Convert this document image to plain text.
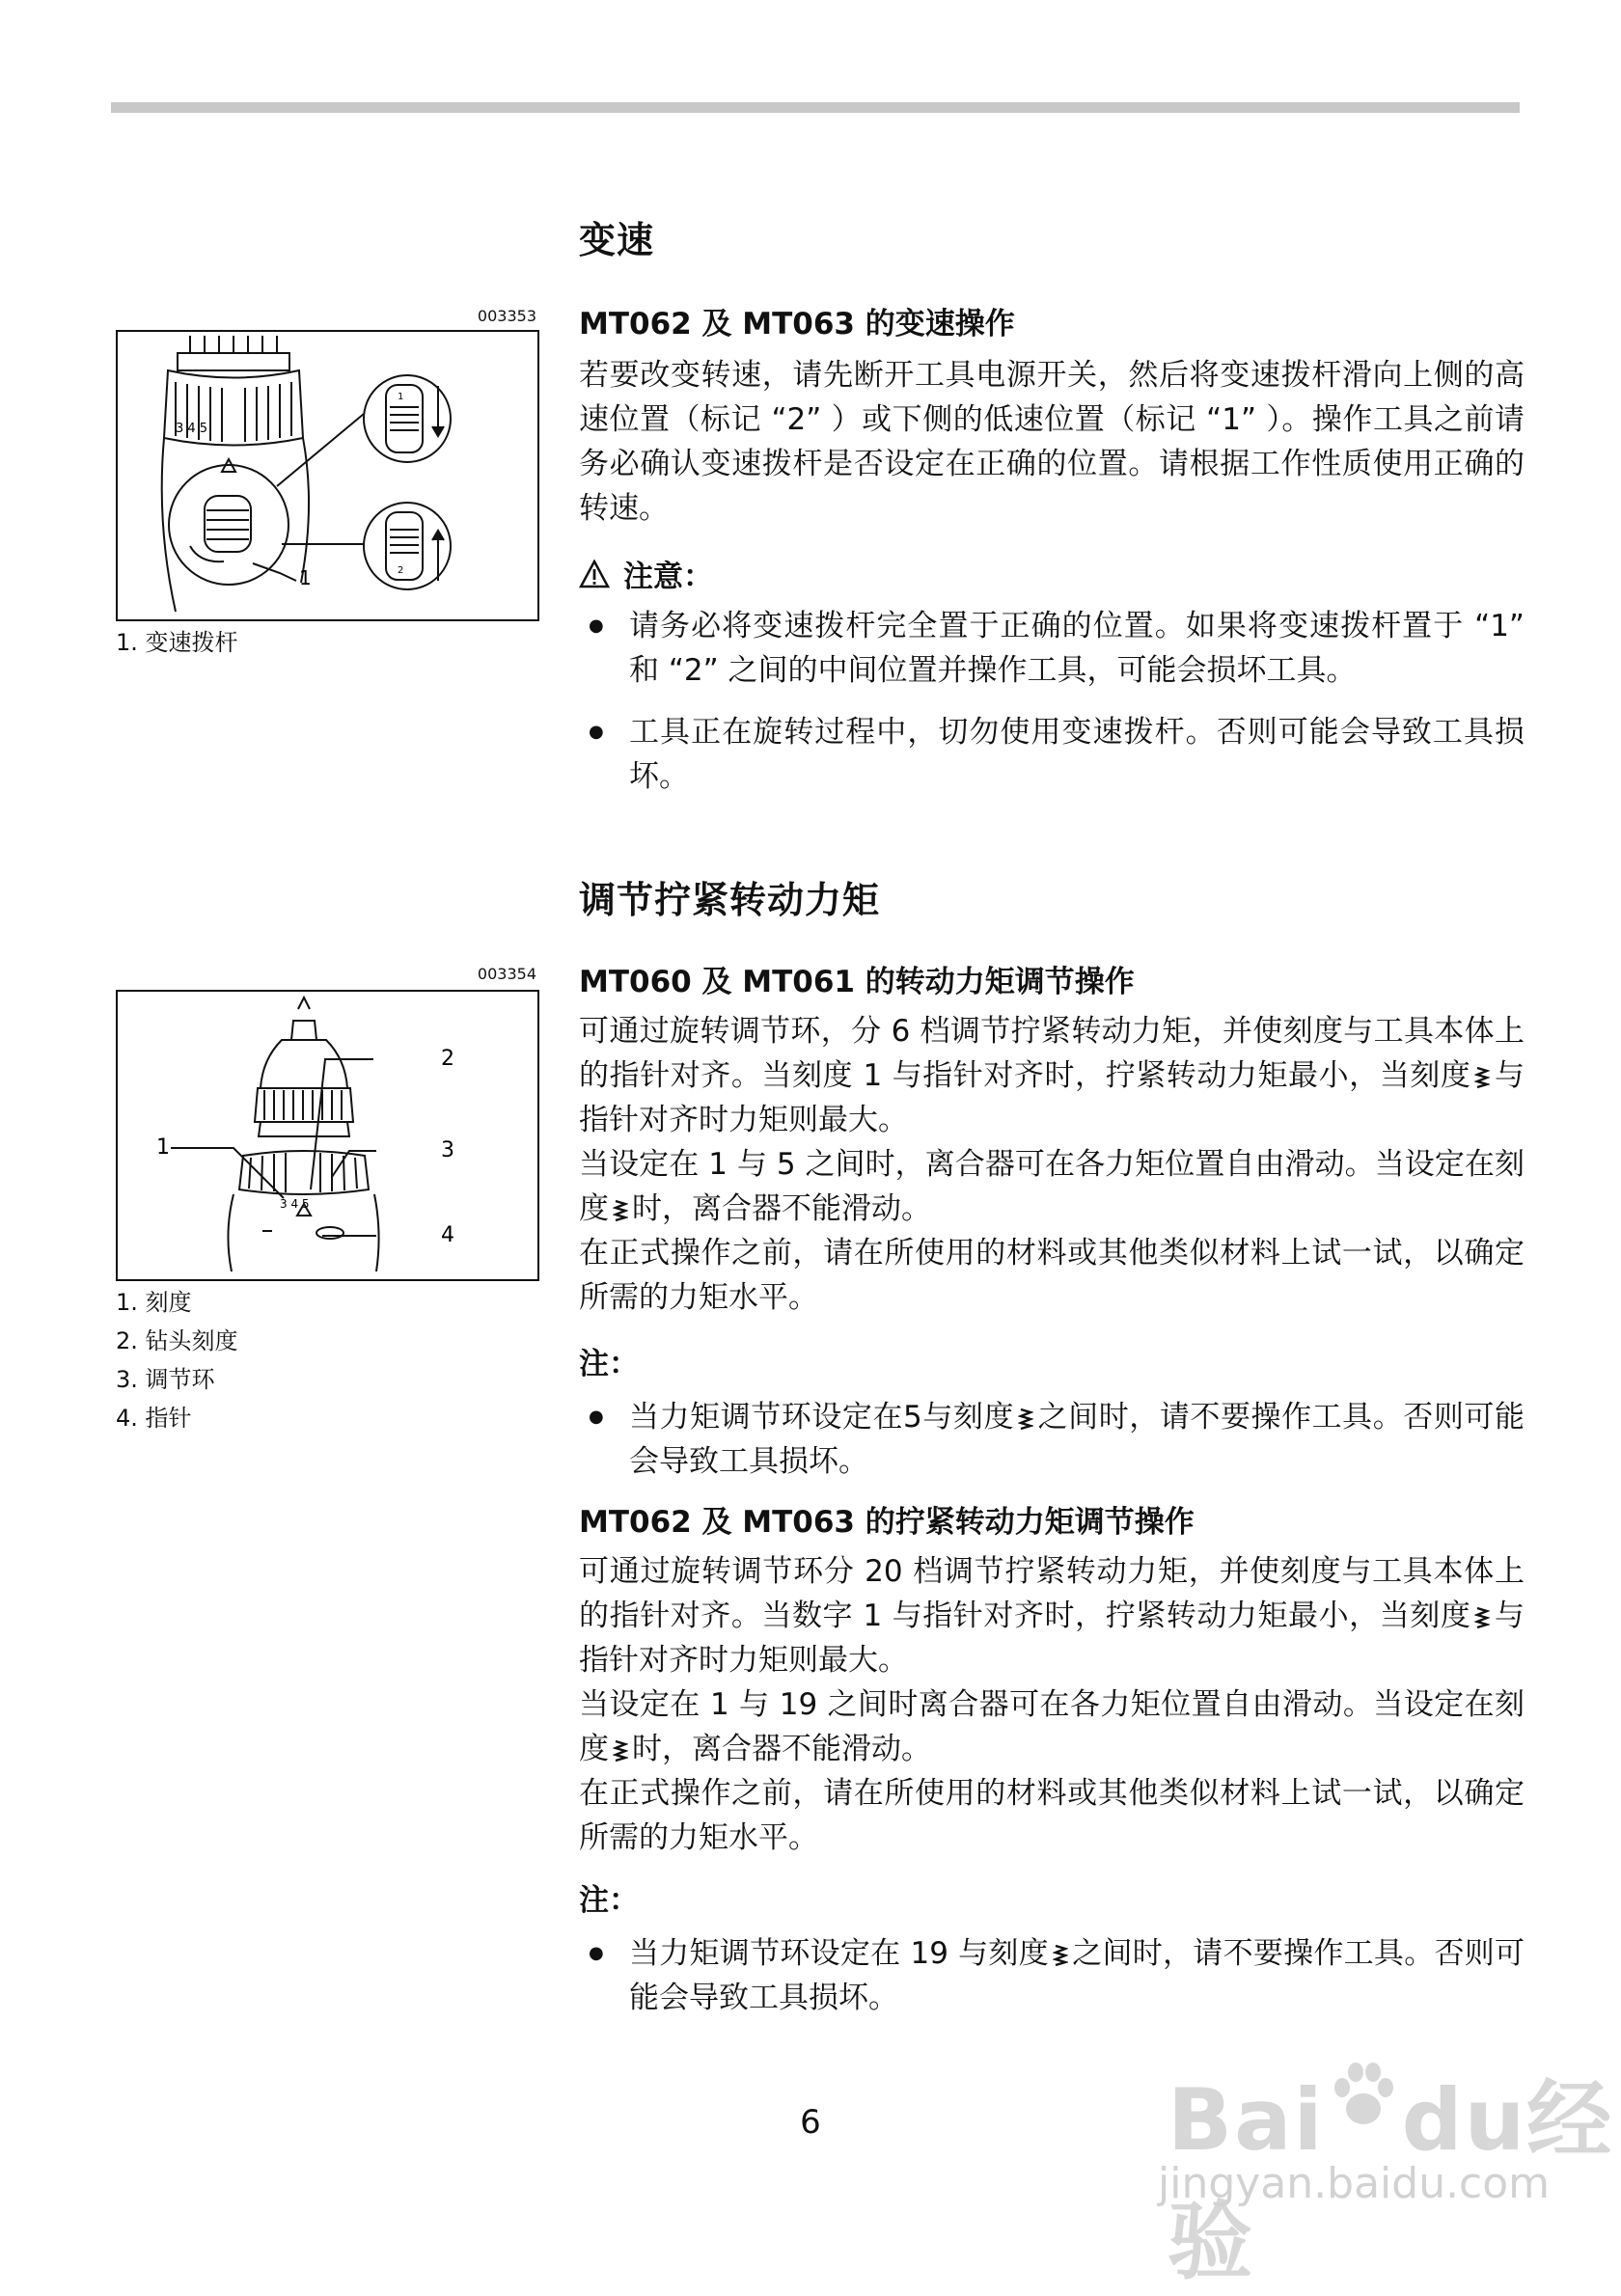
变速
MT062 及 MT063 的变速操作
若要改变转速，请先断开工具电源开关，然后将变速拨杆滑向上侧的高速位置（标记 “2” ）或下侧的低速位置（标记 “1” ）。操作工具之前请务必确认变速拨杆是否设定在正确的位置。请根据工作性质使用正确的转速。
注意：
● 请务必将变速拨杆完全置于正确的位置。如果将变速拨杆置于 “1” 和 “2” 之间的中间位置并操作工具，可能会损坏工具。
● 工具正在旋转过程中，切勿使用变速拨杆。否则可能会导致工具损坏。
调节拧紧转动力矩
MT060 及 MT061 的转动力矩调节操作
可通过旋转调节环，分 6 档调节拧紧转动力矩，并使刻度与工具本体上的指针对齐。当刻度 1 与指针对齐时，拧紧转动力矩最小，当刻度 与指针对齐时力矩则最大。
当设定在 1 与 5 之间时，离合器可在各力矩位置自由滑动。当设定在刻度 时，离合器不能滑动。
在正式操作之前，请在所使用的材料或其他类似材料上试一试，以确定所需的力矩水平。
注：
● 当力矩调节环设定在5与刻度 之间时，请不要操作工具。否则可能会导致工具损坏。
MT062 及 MT063 的拧紧转动力矩调节操作
可通过旋转调节环分 20 档调节拧紧转动力矩，并使刻度与工具本体上的指针对齐。当数字 1 与指针对齐时，拧紧转动力矩最小，当刻度 与指针对齐时力矩则最大。
当设定在 1 与 19 之间时离合器可在各力矩位置自由滑动。当设定在刻度 时，离合器不能滑动。
在正式操作之前，请在所使用的材料或其他类似材料上试一试，以确定所需的力矩水平。
注：
● 当力矩调节环设定在 19 与刻度 之间时，请不要操作工具。否则可能会导致工具损坏。
003353
1
2
3 4 5
1
1. 变速拨杆
003354
3 4 5
1
2
3
4
1. 刻度
2. 钻头刻度
3. 调节环
4. 指针
6	Bai du经验
jingyan.baidu.com
